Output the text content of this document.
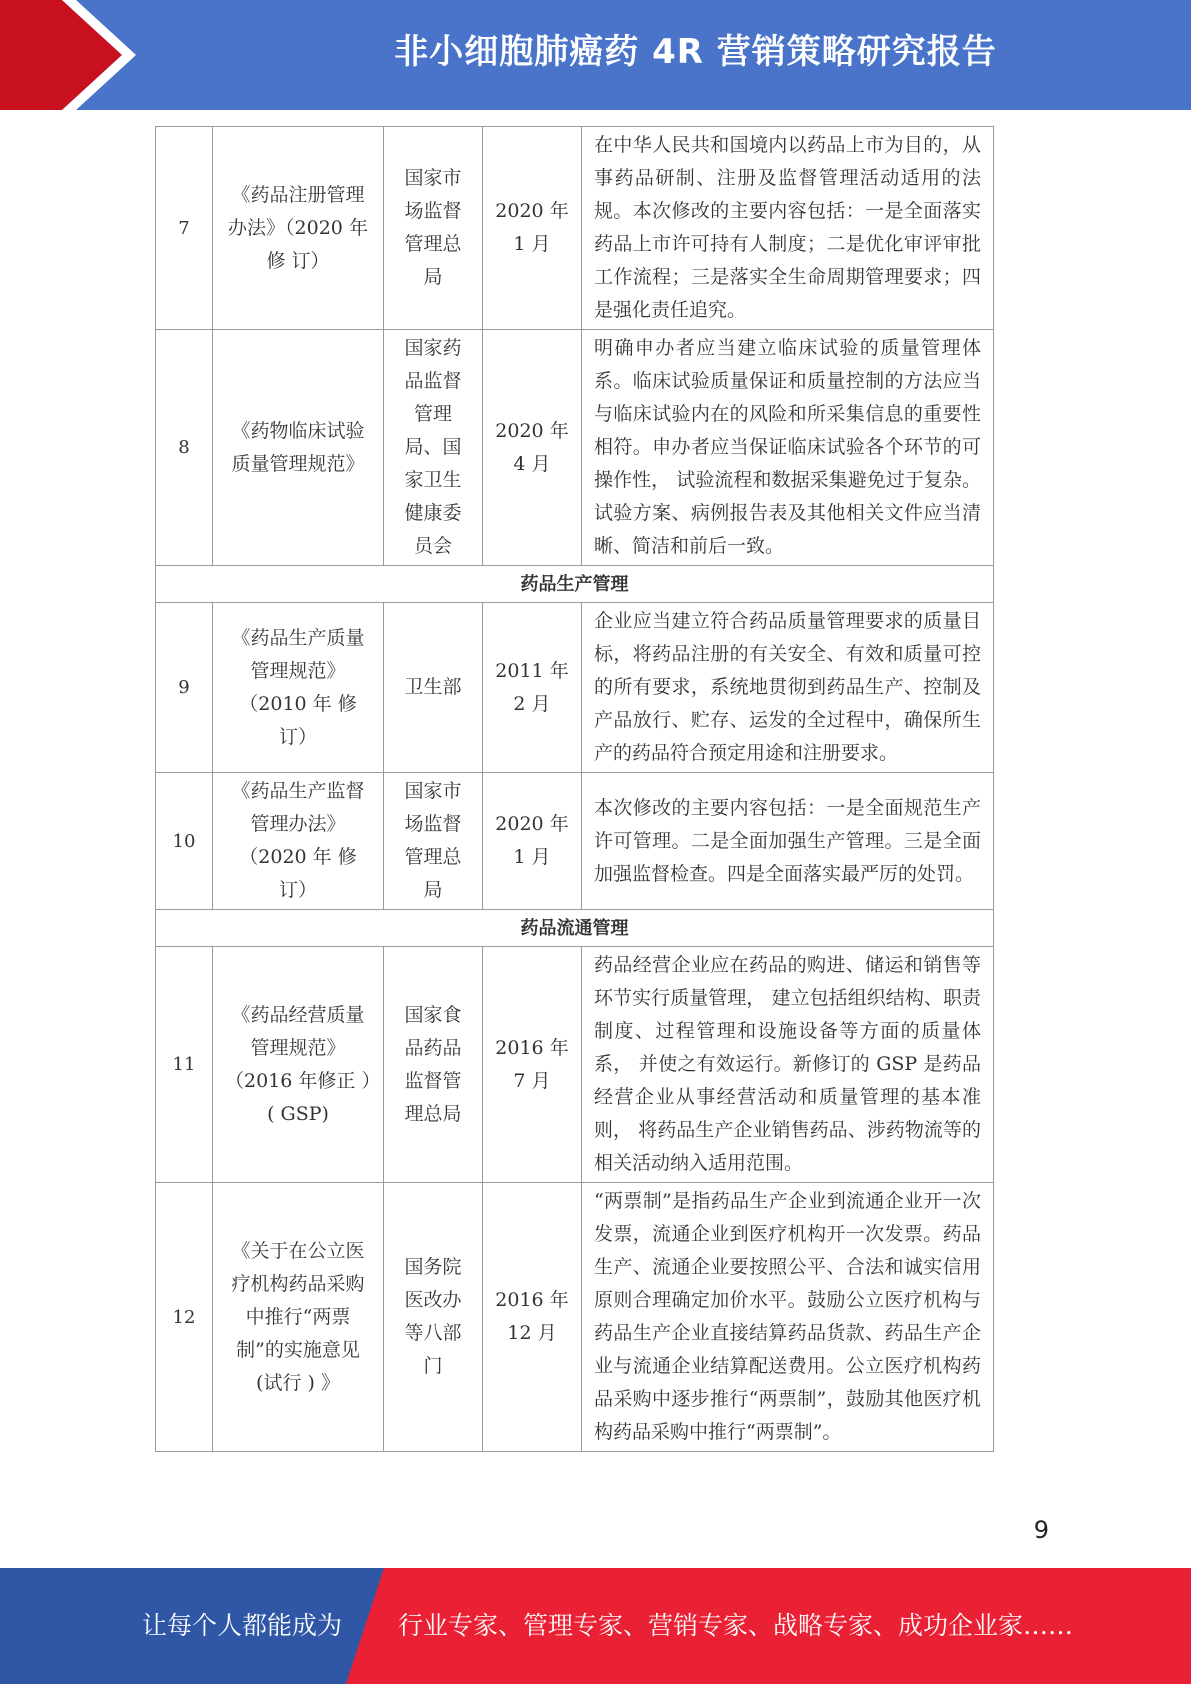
非小细胞肺癌药 4R 营销策略研究报告
7	《药品注册管理办法》（2020 年 修 订）	国家市场监督管理总局	2020 年 1 月	在中华人民共和国境内以药品上市为目的，从事药品研制、注册及监督管理活动适用的法规。本次修改的主要内容包括：一是全面落实药品上市许可持有人制度；二是优化审评审批工作流程；三是落实全生命周期管理要求；四是强化责任追究。
8	《药物临床试验质量管理规范》	国家药品监督管理局、国家卫生健康委员会	2020 年 4 月	明确申办者应当建立临床试验的质量管理体系。临床试验质量保证和质量控制的方法应当与临床试验内在的风险和所采集信息的重要性相符。申办者应当保证临床试验各个环节的可操作性， 试验流程和数据采集避免过于复杂。试验方案、病例报告表及其他相关文件应当清晰、简洁和前后一致。
药品生产管理				
9	《药品生产质量管理规范》（2010 年 修 订）	卫生部	2011 年 2 月	企业应当建立符合药品质量管理要求的质量目标，将药品注册的有关安全、有效和质量可控的所有要求，系统地贯彻到药品生产、控制及产品放行、贮存、运发的全过程中，确保所生产的药品符合预定用途和注册要求。
10	《药品生产监督管理办法》（2020 年 修 订）	国家市场监督管理总局	2020 年 1 月	本次修改的主要内容包括：一是全面规范生产许可管理。二是全面加强生产管理。三是全面加强监督检查。四是全面落实最严厉的处罚。
药品流通管理				
11	《药品经营质量管理规范》（2016 年修正 ）( GSP)	国家食品药品监督管理总局	2016 年 7 月	药品经营企业应在药品的购进、储运和销售等环节实行质量管理， 建立包括组织结构、职责制度、过程管理和设施设备等方面的质量体系， 并使之有效运行。新修订的 GSP 是药品经营企业从事经营活动和质量管理的基本准则， 将药品生产企业销售药品、涉药物流等的相关活动纳入适用范围。
12	《关于在公立医疗机构药品采购中推行“两票制”的实施意见(试行 ) 》	国务院医改办等八部门	2016 年 12 月	“两票制”是指药品生产企业到流通企业开一次发票，流通企业到医疗机构开一次发票。药品生产、流通企业要按照公平、合法和诚实信用原则合理确定加价水平。鼓励公立医疗机构与药品生产企业直接结算药品货款、药品生产企业与流通企业结算配送费用。公立医疗机构药品采购中逐步推行“两票制”，鼓励其他医疗机构药品采购中推行“两票制”。
9
让每个人都能成为 行业专家、管理专家、营销专家、战略专家、成功企业家……
